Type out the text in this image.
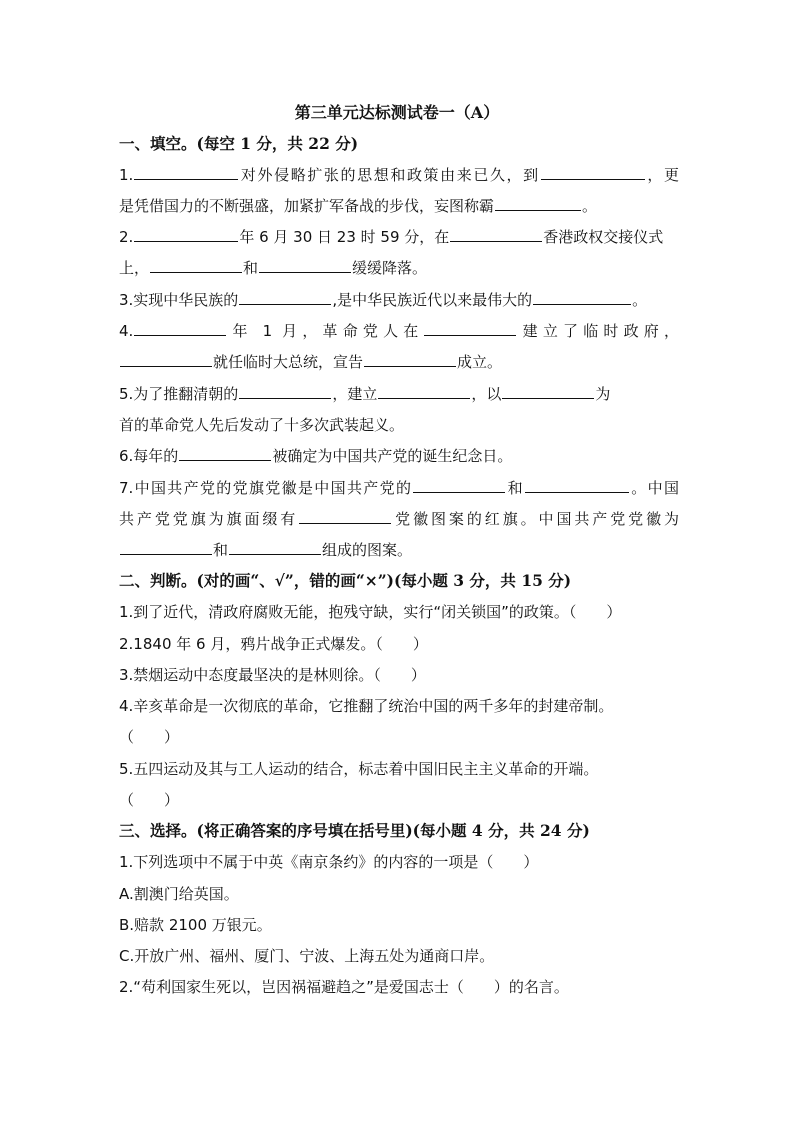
第三单元达标测试卷一（A）
一、填空。(每空 1 分，共 22 分)
1.	对外侵略扩张的思想和政策由来已久，到	，更
是凭借国力的不断强盛，加紧扩军备战的步伐，妄图称霸	。
2.	年 6 月 30 日 23 时 59 分，在	香港政权交接仪式
上，	和	缓缓降落。
3.实现中华民族的	,是中华民族近代以来最伟大的	。
4.	年 1 月，革命党人在	建立了临时政府，
就任临时大总统，宣告	成立。
5.为了推翻清朝的	，建立	，以	为
首的革命党人先后发动了十多次武装起义。
6.每年的	被确定为中国共产党的诞生纪念日。
7.中国共产党的党旗党徽是中国共产党的	和	。中国
共产党党旗为旗面缀有	党徽图案的红旗。中国共产党党徽为
和	组成的图案。
二、判断。(对的画“、√”，错的画“×”)(每小题 3 分，共 15 分)
1.到了近代，清政府腐败无能，抱残守缺，实行“闭关锁国”的政策。（　　）
2.1840 年 6 月，鸦片战争正式爆发。（　　）
3.禁烟运动中态度最坚决的是林则徐。（　　）
4.辛亥革命是一次彻底的革命，它推翻了统治中国的两千多年的封建帝制。
（　　）
5.五四运动及其与工人运动的结合，标志着中国旧民主主义革命的开端。
（　　）
三、选择。(将正确答案的序号填在括号里)(每小题 4 分，共 24 分)
1.下列选项中不属于中英《南京条约》的内容的一项是（　　）
A.割澳门给英国。
B.赔款 2100 万银元。
C.开放广州、福州、厦门、宁波、上海五处为通商口岸。
2.“苟利国家生死以，岂因祸福避趋之”是爱国志士（　　）的名言。
